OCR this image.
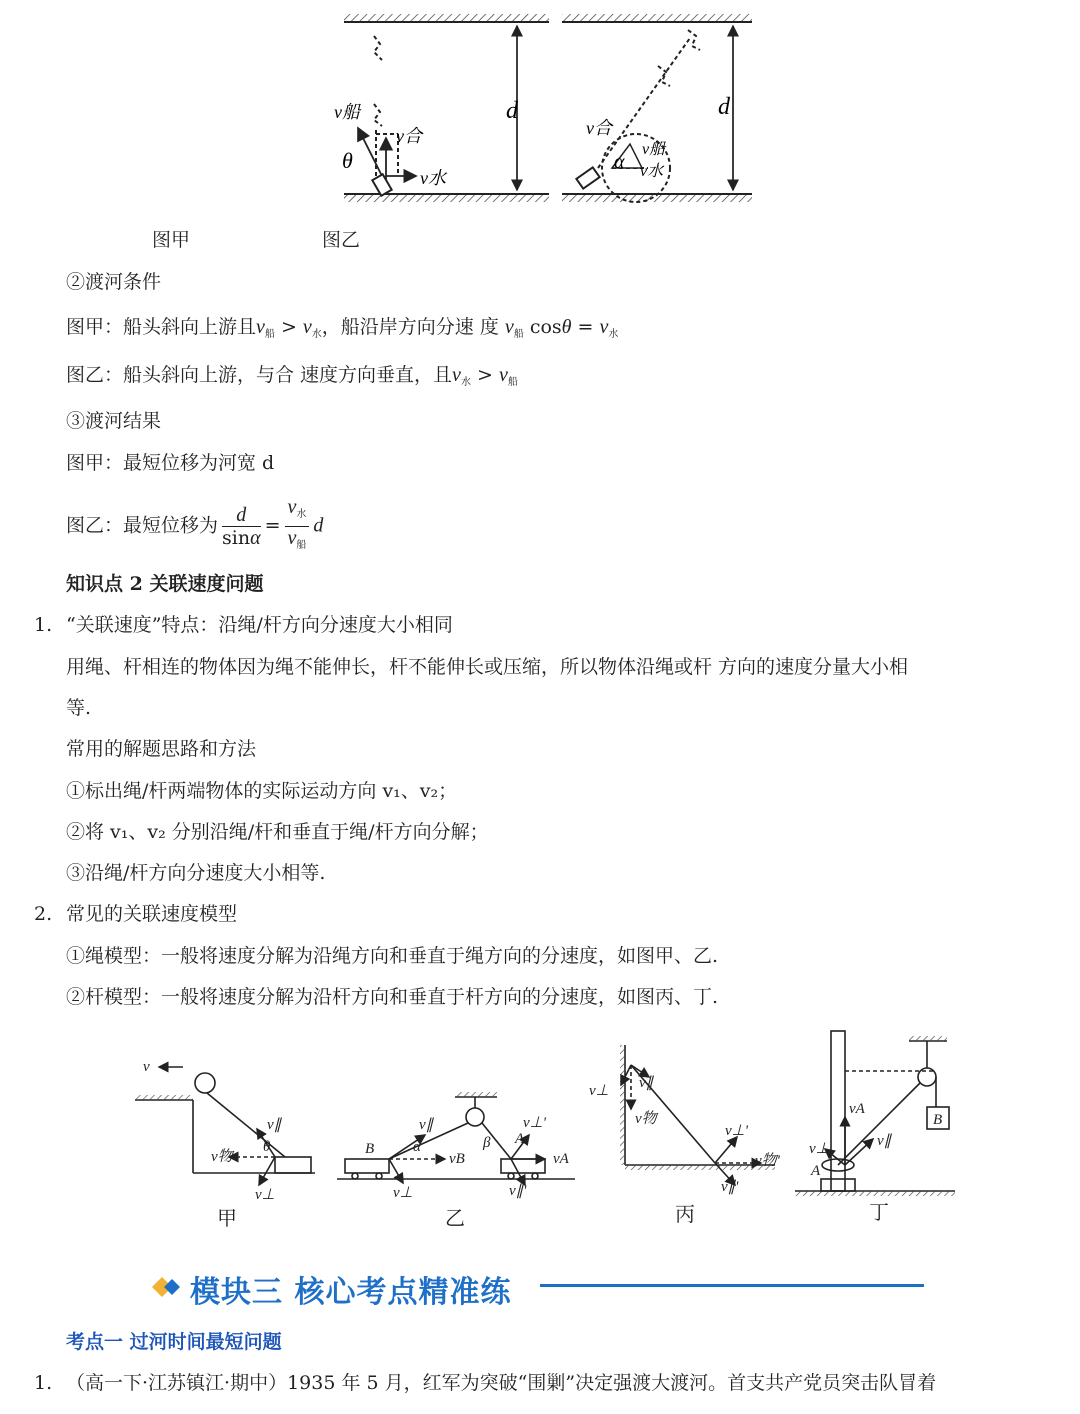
d	d
v船
v合
v水
θ
v合
v船
v水
α
图甲	图乙
②渡河条件
图甲：船头斜向上游且$v_船 > v_水$，船沿岸方向分速 度 $v_船$ $\cos\theta = v_水$
图乙：船头斜向上游，与合 速度方向垂直，且$v_水 > v_船$
③渡河结果
图甲：最短位移为河宽 d
图乙：最短位移为 $\frac{d}{\sin\alpha} = \frac{v_水}{v_船}$ d
知识点 2 关联速度问题
1. “关联速度”特点：沿绳/杆方向分速度大小相同
用绳、杆相连的物体因为绳不能伸长，杆不能伸长或压缩，所以物体沿绳或杆 方向的速度分量大小相
等.
常用的解题思路和方法
①标出绳/杆两端物体的实际运动方向 v₁、v₂；
②将 v₁、v₂ 分别沿绳/杆和垂直于绳/杆方向分解；
③沿绳/杆方向分速度大小相等.
2. 常见的关联速度模型
①绳模型：一般将速度分解为沿绳方向和垂直于绳方向的分速度，如图甲、乙.
②杆模型：一般将速度分解为沿杆方向和垂直于杆方向的分速度，如图丙、丁.
v
v∥
v物
v⊥
θ	B
A
v∥
α
vB
v⊥
v⊥'
β
vA
v∥'
v⊥ v∥
v物
v⊥'
v物'
v∥'
vA
B
v∥
v⊥
A
甲	乙	丙	丁
模块三 核心考点精准练
考点一 过河时间最短问题
1. （高一下·江苏镇江·期中）1935 年 5 月，红军为突破“围剿”决定强渡大渡河。首支共产党员突击队冒着
